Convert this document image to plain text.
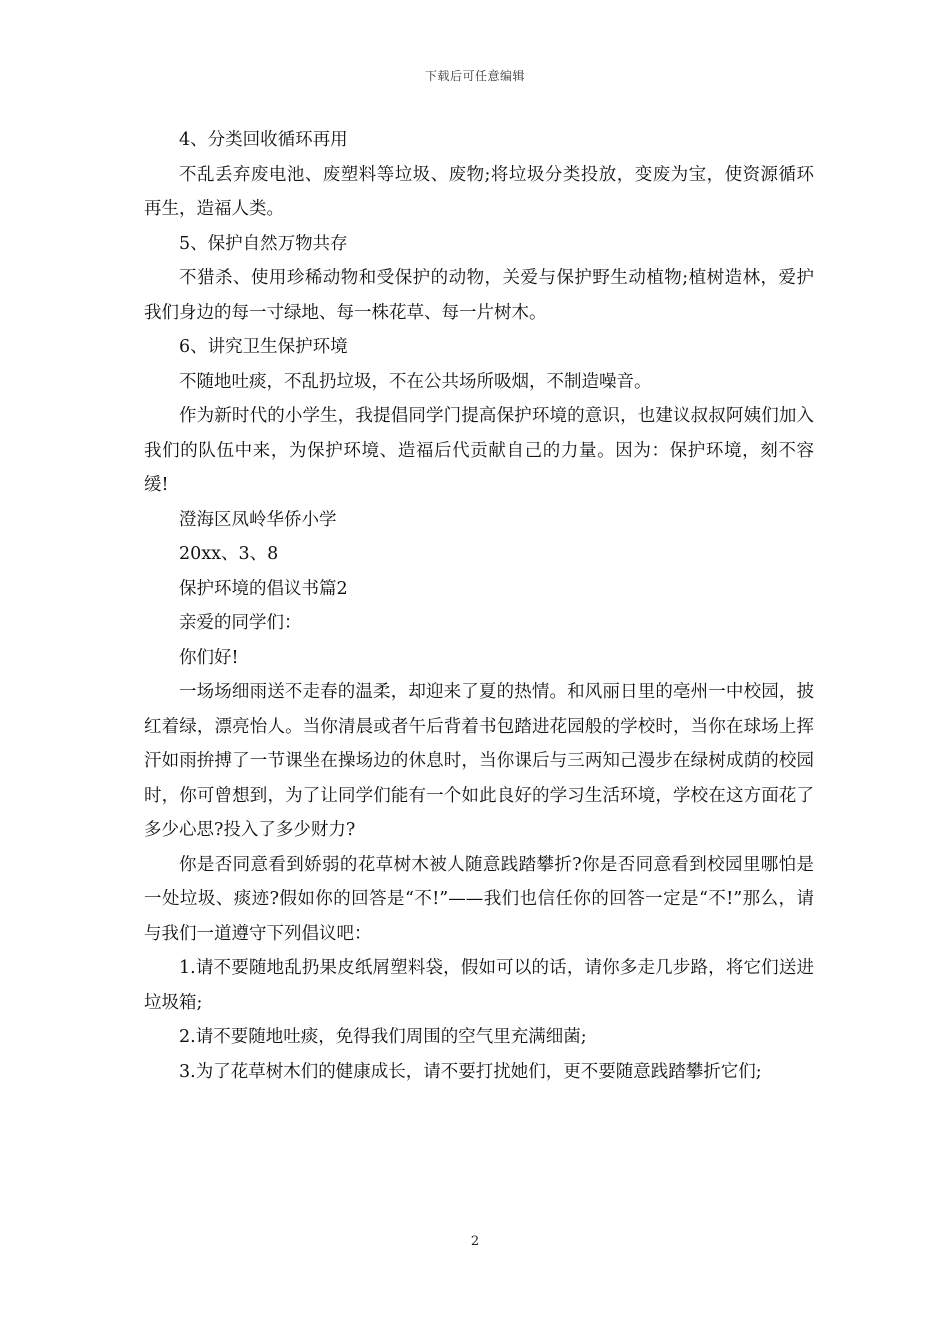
下载后可任意编辑

4、分类回收循环再用

不乱丢弃废电池、废塑料等垃圾、废物;将垃圾分类投放，变废为宝，使资源循环再生，造福人类。

5、保护自然万物共存

不猎杀、使用珍稀动物和受保护的动物，关爱与保护野生动植物;植树造林，爱护我们身边的每一寸绿地、每一株花草、每一片树木。

6、讲究卫生保护环境

不随地吐痰，不乱扔垃圾，不在公共场所吸烟，不制造噪音。

作为新时代的小学生，我提倡同学门提高保护环境的意识，也建议叔叔阿姨们加入我们的队伍中来，为保护环境、造福后代贡献自己的力量。因为：保护环境，刻不容缓!

澄海区凤岭华侨小学

20xx、3、8

保护环境的倡议书篇2

亲爱的同学们：

你们好!

一场场细雨送不走春的温柔，却迎来了夏的热情。和风丽日里的亳州一中校园，披红着绿，漂亮怡人。当你清晨或者午后背着书包踏进花园般的学校时，当你在球场上挥汗如雨拚搏了一节课坐在操场边的休息时，当你课后与三两知己漫步在绿树成荫的校园时，你可曾想到，为了让同学们能有一个如此良好的学习生活环境，学校在这方面花了多少心思?投入了多少财力?

你是否同意看到娇弱的花草树木被人随意践踏攀折?你是否同意看到校园里哪怕是一处垃圾、痰迹?假如你的回答是“不!”——我们也信任你的回答一定是“不!”那么，请与我们一道遵守下列倡议吧：

1.请不要随地乱扔果皮纸屑塑料袋，假如可以的话，请你多走几步路，将它们送进垃圾箱;

2.请不要随地吐痰，免得我们周围的空气里充满细菌;

3.为了花草树木们的健康成长，请不要打扰她们，更不要随意践踏攀折它们;

2
